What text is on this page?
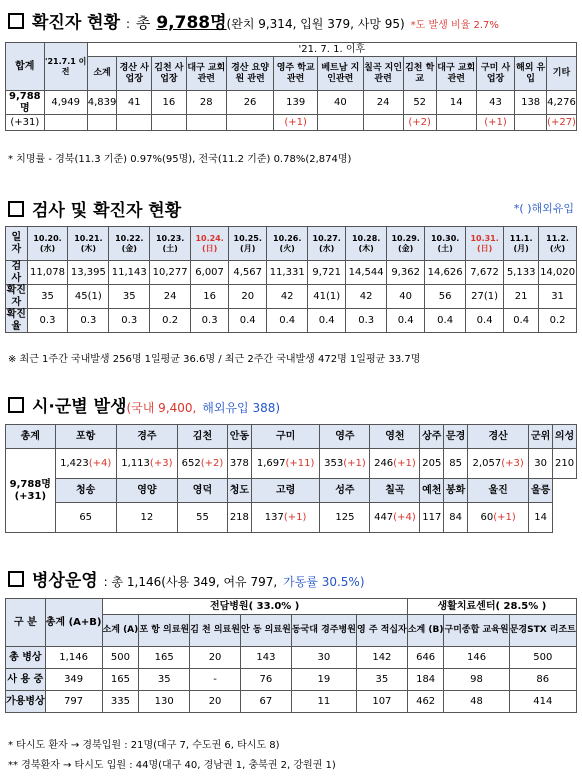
확진자 현황 : 총 9,788명(완치 9,314, 입원 379, 사망 95) *도 발생 비율 2.7%
합계	'21.7.1 이전	'21. 7. 1. 이후												
		소계	경산 사업장	김천 사업장	대구 교회관련	경산 요양원 관련	영주 학교관련	베트남 지인관련	칠곡 지인관련	김천 학교	대구 교회관련	구미 사업장	해외 유입	기타
9,788명	4,949	4,839	41	16	28	26	139	40	24	52	14	43	138	4,276
(+31)							(+1)			(+2)		(+1)		(+27)
* 치명률 - 경북(11.3 기준) 0.97%(95명), 전국(11.2 기준) 0.78%(2,874명)
검사 및 확진자 현황	*( )해외유입
일 자	10.20.(水)	10.21.(木)	10.22.(金)	10.23.(土)	10.24.(日)	10.25.(月)	10.26.(火)	10.27.(水)	10.28.(木)	10.29.(金)	10.30.(土)	10.31.(日)	11.1.(月)	11.2.(火)
검 사	11,078	13,395	11,143	10,277	6,007	4,567	11,331	9,721	14,544	9,362	14,626	7,672	5,133	14,020
확진자	35	45(1)	35	24	16	20	42	41(1)	42	40	56	27(1)	21	31
확진율	0.3	0.3	0.3	0.2	0.3	0.4	0.4	0.4	0.3	0.4	0.4	0.4	0.4	0.2
※ 최근 1주간 국내발생 256명 1일평균 36.6명 / 최근 2주간 국내발생 472명 1일평균 33.7명
시·군별 발생(국내 9,400, 해외유입 388)
총계	포항	경주	김천	안동	구미	영주	영천	상주	문경	경산	군위	의성

9,788명
(+31)	1,423(+4)	1,113(+3)	652(+2)	378	1,697(+11)	353(+1)	246(+1)	205	85	2,057(+3)	30	210
	청송	영양	영덕	청도	고령	성주	칠곡	예천	봉화	울진	울릉	
	65	12	55	218	137(+1)	125	447(+4)	117	84	60(+1)	14	
병상운영 : 총 1,146(사용 349, 여유 797, 가동률 30.5%)
구 분	총계 (A+B)	전담병원( 33.0% )						생활치료센터( 28.5% )		
		소계 (A)	포 항 의료원	김 천 의료원	안 동 의료원	동국대 경주병원	영 주 적십자	소계 (B)	구미종합 교육원	문경STX 리조트
총 병상	1,146	500	165	20	143	30	142	646	146	500
사 용 중	349	165	35	-	76	19	35	184	98	86
가용병상	797	335	130	20	67	11	107	462	48	414
* 타시도 환자 → 경북입원 : 21명(대구 7, 수도권 6, 타시도 8)
** 경북환자 → 타시도 입원 : 44명(대구 40, 경남권 1, 충북권 2, 강원권 1)
